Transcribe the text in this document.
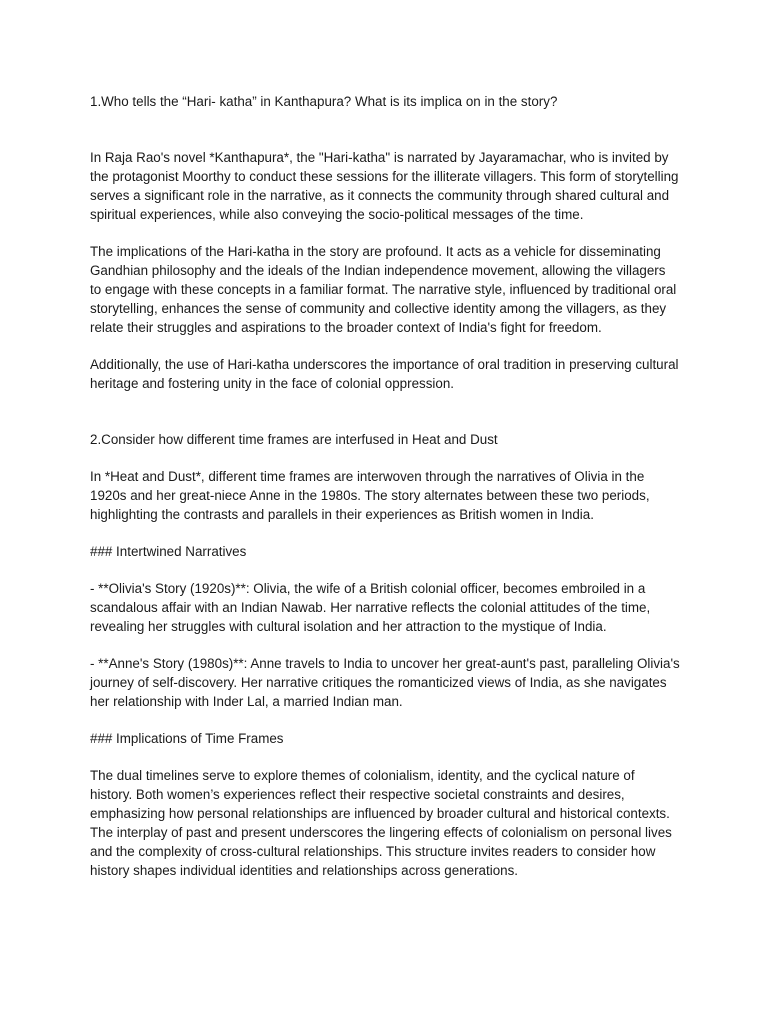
1.Who tells the “Hari- katha” in Kanthapura? What is its implica on in the story?

In Raja Rao's novel *Kanthapura*, the "Hari-katha" is narrated by Jayaramachar, who is invited by the protagonist Moorthy to conduct these sessions for the illiterate villagers. This form of storytelling serves a significant role in the narrative, as it connects the community through shared cultural and spiritual experiences, while also conveying the socio-political messages of the time.

The implications of the Hari-katha in the story are profound. It acts as a vehicle for disseminating Gandhian philosophy and the ideals of the Indian independence movement, allowing the villagers to engage with these concepts in a familiar format. The narrative style, influenced by traditional oral storytelling, enhances the sense of community and collective identity among the villagers, as they relate their struggles and aspirations to the broader context of India's fight for freedom.

Additionally, the use of Hari-katha underscores the importance of oral tradition in preserving cultural heritage and fostering unity in the face of colonial oppression.

2.Consider how different time frames are interfused in Heat and Dust

In *Heat and Dust*, different time frames are interwoven through the narratives of Olivia in the 1920s and her great-niece Anne in the 1980s. The story alternates between these two periods, highlighting the contrasts and parallels in their experiences as British women in India.

### Intertwined Narratives

- **Olivia's Story (1920s)**: Olivia, the wife of a British colonial officer, becomes embroiled in a scandalous affair with an Indian Nawab. Her narrative reflects the colonial attitudes of the time, revealing her struggles with cultural isolation and her attraction to the mystique of India.

- **Anne's Story (1980s)**: Anne travels to India to uncover her great-aunt's past, paralleling Olivia's journey of self-discovery. Her narrative critiques the romanticized views of India, as she navigates her relationship with Inder Lal, a married Indian man.

### Implications of Time Frames

The dual timelines serve to explore themes of colonialism, identity, and the cyclical nature of history. Both women’s experiences reflect their respective societal constraints and desires, emphasizing how personal relationships are influenced by broader cultural and historical contexts. The interplay of past and present underscores the lingering effects of colonialism on personal lives and the complexity of cross-cultural relationships. This structure invites readers to consider how history shapes individual identities and relationships across generations.
